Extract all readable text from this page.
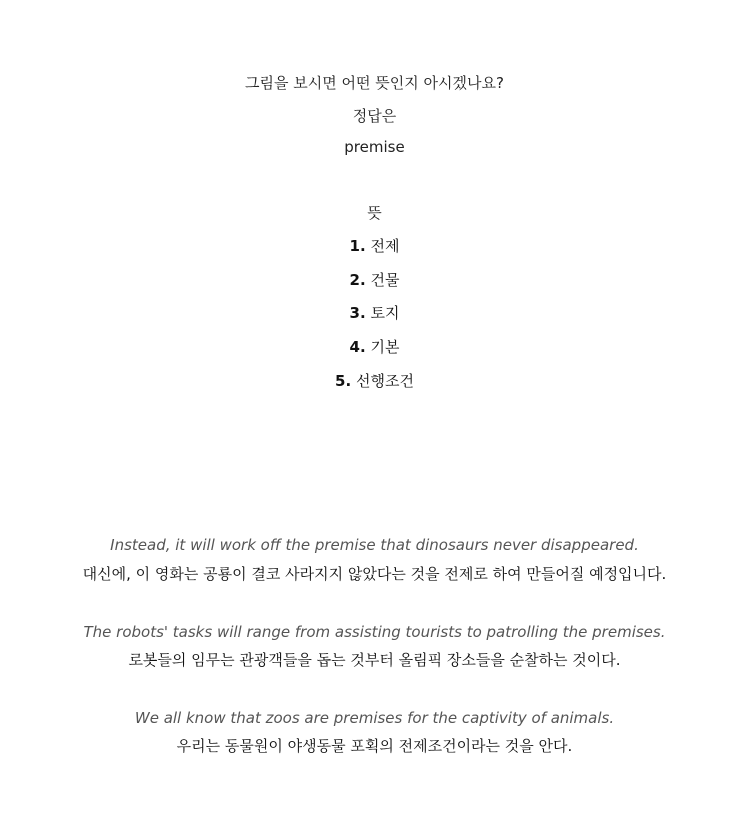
그림을 보시면 어떤 뜻인지 아시겠나요?
정답은
premise
뜻
1. 전제
2. 건물
3. 토지
4. 기본
5. 선행조건
Instead, it will work off the premise that dinosaurs never disappeared.
대신에, 이 영화는 공룡이 결코 사라지지 않았다는 것을 전제로 하여 만들어질 예정입니다.
The robots' tasks will range from assisting tourists to patrolling the premises.
로봇들의 임무는 관광객들을 돕는 것부터 올림픽 장소들을 순찰하는 것이다.
We all know that zoos are premises for the captivity of animals.
우리는 동물원이 야생동물 포획의 전제조건이라는 것을 안다.
